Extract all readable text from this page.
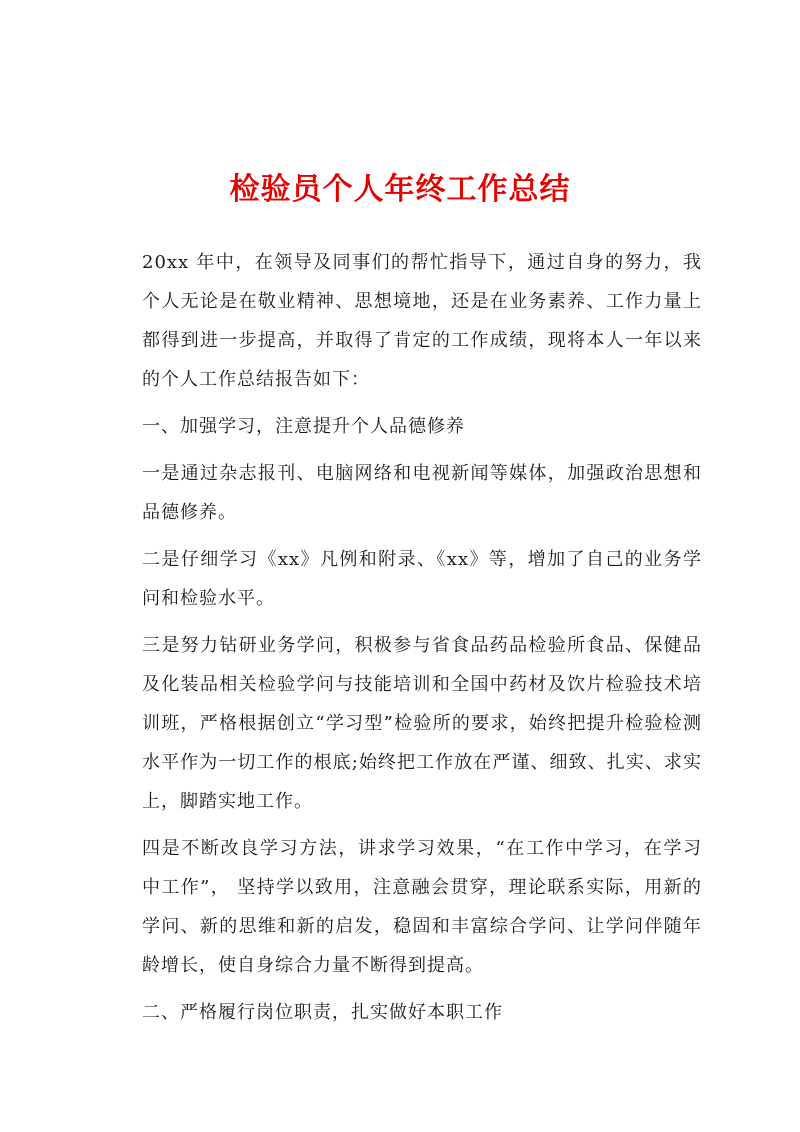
检验员个人年终工作总结

20xx 年中，在领导及同事们的帮忙指导下，通过自身的努力，我个人无论是在敬业精神、思想境地，还是在业务素养、工作力量上都得到进一步提高，并取得了肯定的工作成绩，现将本人一年以来的个人工作总结报告如下：

一、加强学习，注意提升个人品德修养

一是通过杂志报刊、电脑网络和电视新闻等媒体，加强政治思想和品德修养。

二是仔细学习《xx》凡例和附录、《xx》等，增加了自己的业务学问和检验水平。

三是努力钻研业务学问，积极参与省食品药品检验所食品、保健品及化装品相关检验学问与技能培训和全国中药材及饮片检验技术培训班，严格根据创立“学习型”检验所的要求，始终把提升检验检测水平作为一切工作的根底;始终把工作放在严谨、细致、扎实、求实上，脚踏实地工作。

四是不断改良学习方法，讲求学习效果，“在工作中学习，在学习中工作”， 坚持学以致用，注意融会贯穿，理论联系实际，用新的学问、新的思维和新的启发，稳固和丰富综合学问、让学问伴随年龄增长，使自身综合力量不断得到提高。

二、严格履行岗位职责，扎实做好本职工作
